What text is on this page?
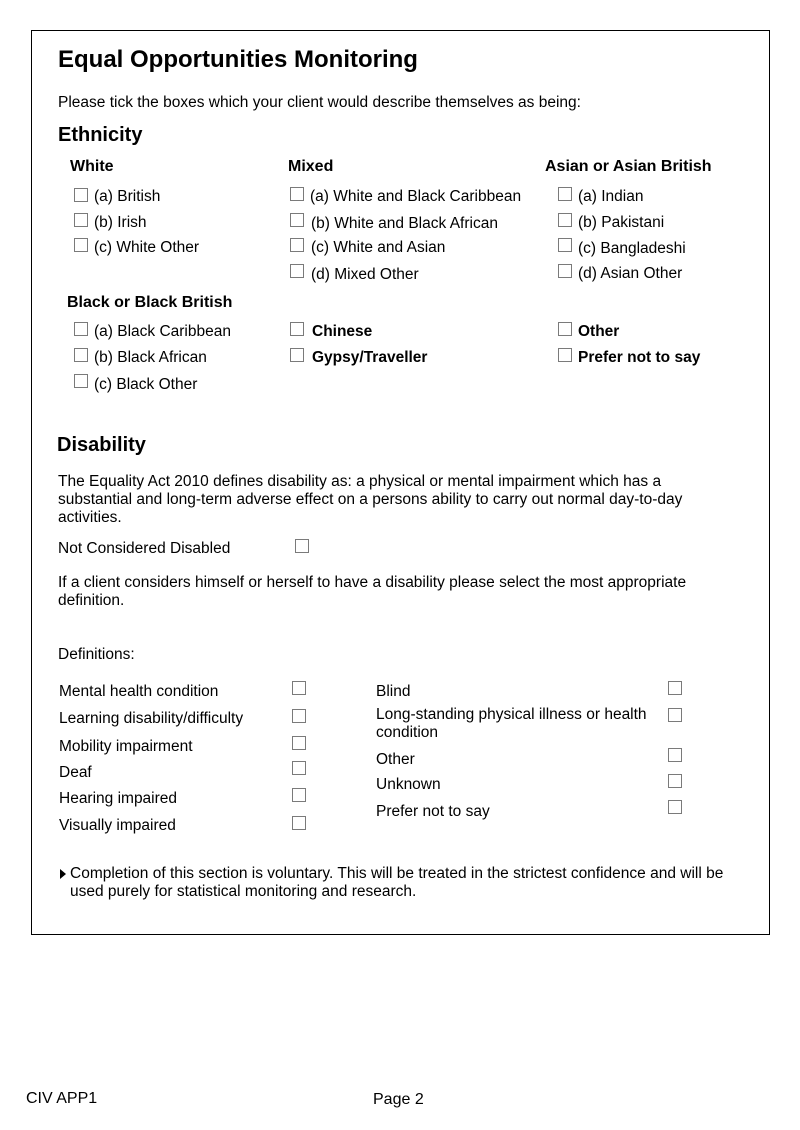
Equal Opportunities Monitoring
Please tick the boxes which your client would describe themselves as being:
Ethnicity
White
(a) British
(b) Irish
(c) White Other
Mixed
(a) White and Black Caribbean
(b) White and Black African
(c) White and Asian
(d) Mixed Other
Asian or Asian British
(a) Indian
(b) Pakistani
(c) Bangladeshi
(d) Asian Other
Black or Black British
(a) Black Caribbean
(b) Black African
(c) Black Other
Chinese
Gypsy/Traveller
Other
Prefer not to say
Disability
The Equality Act 2010 defines disability as: a physical or mental impairment which has a substantial and long-term adverse effect on a persons ability to carry out normal day-to-day activities.
Not Considered Disabled
If a client considers himself or herself to have a disability please select the most appropriate definition.
Definitions:
Mental health condition
Learning disability/difficulty
Mobility impairment
Deaf
Hearing impaired
Visually impaired
Blind
Long-standing physical illness or health condition
Other
Unknown
Prefer not to say
Completion of this section is voluntary. This will be treated in the strictest confidence and will be used purely for statistical monitoring and research.
CIV APP1	Page 2
